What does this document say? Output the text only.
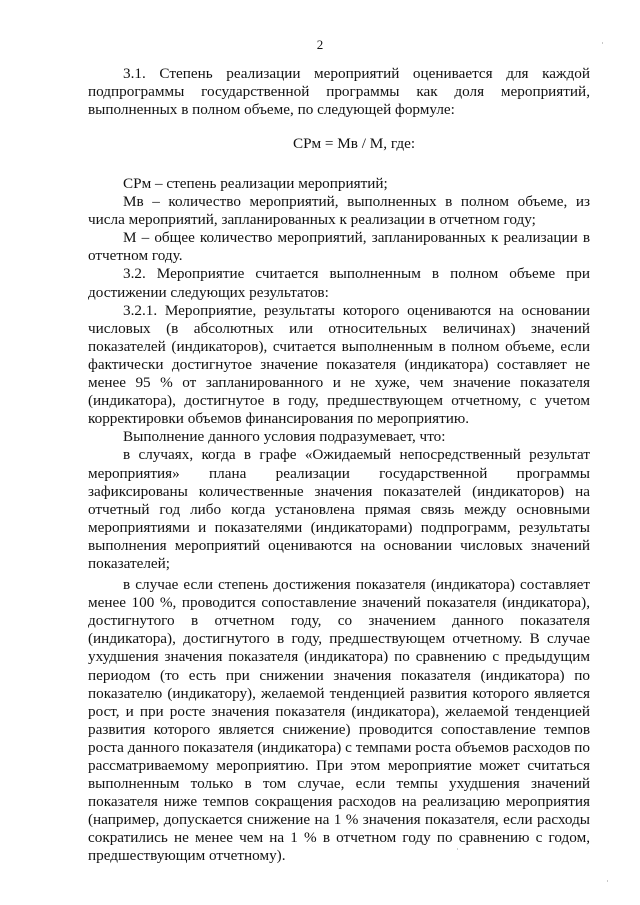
2

3.1. Степень реализации мероприятий оценивается для каждой подпрограммы государственной программы как доля мероприятий, выполненных в полном объеме, по следующей формуле:

СРм = Мв / М, где:

СРм – степень реализации мероприятий;

Мв – количество мероприятий, выполненных в полном объеме, из числа мероприятий, запланированных к реализации в отчетном году;

М – общее количество мероприятий, запланированных к реализации в отчетном году.

3.2. Мероприятие считается выполненным в полном объеме при достижении следующих результатов:

3.2.1. Мероприятие, результаты которого оцениваются на основании числовых (в абсолютных или относительных величинах) значений показателей (индикаторов), считается выполненным в полном объеме, если фактически достигнутое значение показателя (индикатора) составляет не менее 95 % от запланированного и не хуже, чем значение показателя (индикатора), достигнутое в году, предшествующем отчетному, с учетом корректировки объемов финансирования по мероприятию.

Выполнение данного условия подразумевает, что:

в случаях, когда в графе «Ожидаемый непосредственный результат мероприятия» плана реализации государственной программы зафиксированы количественные значения показателей (индикаторов) на отчетный год либо когда установлена прямая связь между основными мероприятиями и показателями (индикаторами) подпрограмм, результаты выполнения мероприятий оцениваются на основании числовых значений показателей;

в случае если степень достижения показателя (индикатора) составляет менее 100 %, проводится сопоставление значений показателя (индикатора), достигнутого в отчетном году, со значением данного показателя (индикатора), достигнутого в году, предшествующем отчетному. В случае ухудшения значения показателя (индикатора) по сравнению с предыдущим периодом (то есть при снижении значения показателя (индикатора) по показателю (индикатору), желаемой тенденцией развития которого является рост, и при росте значения показателя (индикатора), желаемой тенденцией развития которого является снижение) проводится сопоставление темпов роста данного показателя (индикатора) с темпами роста объемов расходов по рассматриваемому мероприятию. При этом мероприятие может считаться выполненным только в том случае, если темпы ухудшения значений показателя ниже темпов сокращения расходов на реализацию мероприятия (например, допускается снижение на 1 % значения показателя, если расходы сократились не менее чем на 1 % в отчетном году по сравнению с годом, предшествующим отчетному).
